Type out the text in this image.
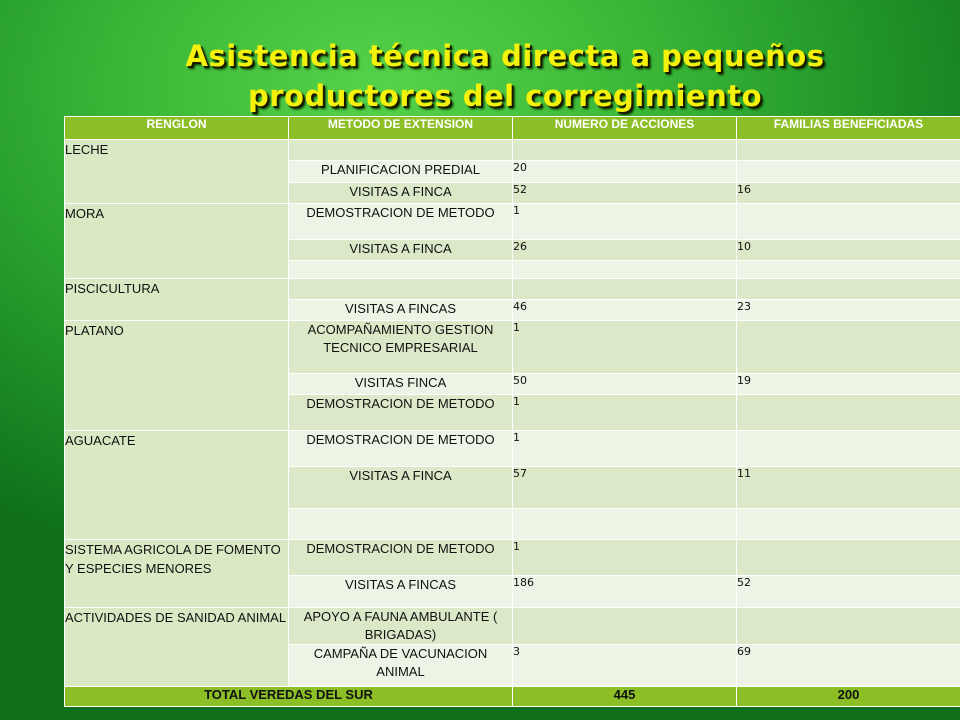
Asistencia técnica directa a pequeños
productores del corregimiento
RENGLON	METODO DE EXTENSION	NUMERO DE ACCIONES	FAMILIAS BENEFICIADAS
LECHE			
	PLANIFICACION PREDIAL	20	
	VISITAS A FINCA	52	16
MORA	DEMOSTRACION DE METODO	1	
	VISITAS A FINCA	26	10

PISCICULTURA			
	VISITAS A FINCAS	46	23
PLATANO	ACOMPAÑAMIENTO GESTION TECNICO EMPRESARIAL	1	
	VISITAS FINCA	50	19
	DEMOSTRACION DE METODO	1	
AGUACATE	DEMOSTRACION DE METODO	1	
	VISITAS A FINCA	57	11

SISTEMA AGRICOLA DE FOMENTO Y ESPECIES MENORES	DEMOSTRACION DE METODO	1	
	VISITAS A FINCAS	186	52
ACTIVIDADES DE SANIDAD ANIMAL	APOYO A FAUNA AMBULANTE ( BRIGADAS)		
	CAMPAÑA DE VACUNACION ANIMAL	3	69
TOTAL VEREDAS DEL SUR		445	200
